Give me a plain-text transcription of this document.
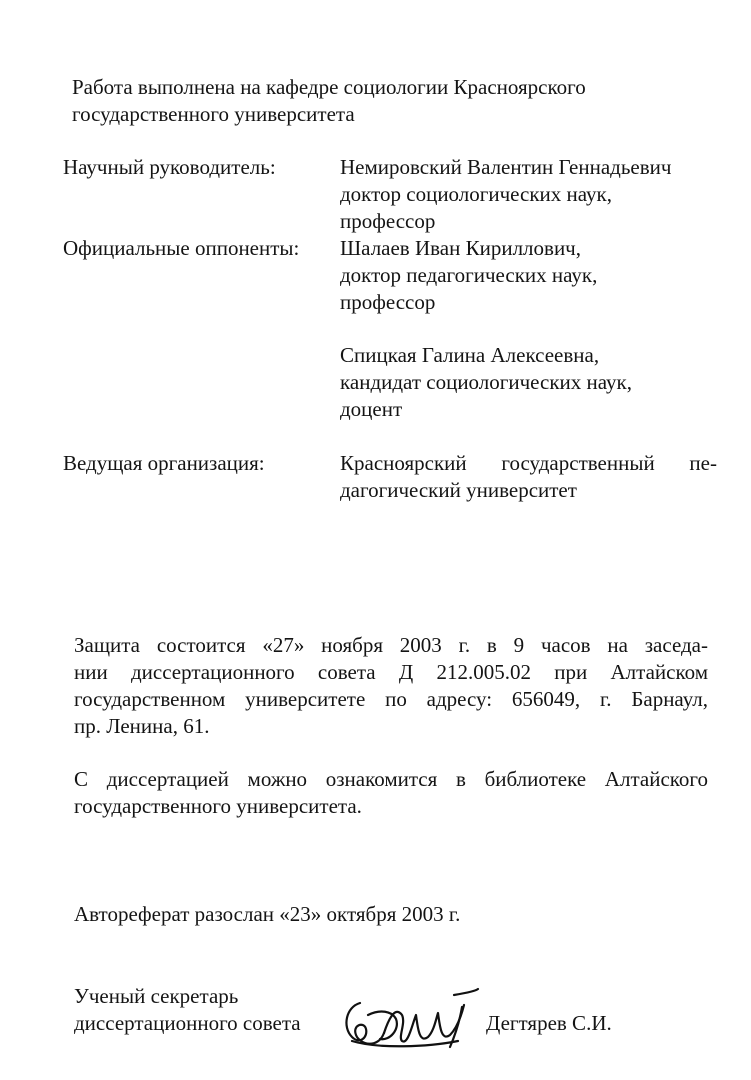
Работа выполнена на кафедре социологии Красноярского
государственного университета
Научный руководитель:	Немировский Валентин Геннадьевич
доктор социологических наук,
профессор
Официальные оппоненты: Шалаев Иван Кириллович,
доктор педагогических наук,
профессор
Спицкая Галина Алексеевна,
кандидат социологических наук,
доцент
Ведущая организация:	Красноярский государственный пе-
дагогический университет
Защита состоится «27» ноября 2003 г. в 9 часов на заседа-
нии диссертационного совета Д 212.005.02 при Алтайском
государственном университете по адресу: 656049, г. Барнаул,
пр. Ленина, 61.
С диссертацией можно ознакомится в библиотеке Алтайского
государственного университета.
Автореферат разослан «23» октября 2003 г.
Ученый секретарь
диссертационного совета	Дегтярев С.И.
